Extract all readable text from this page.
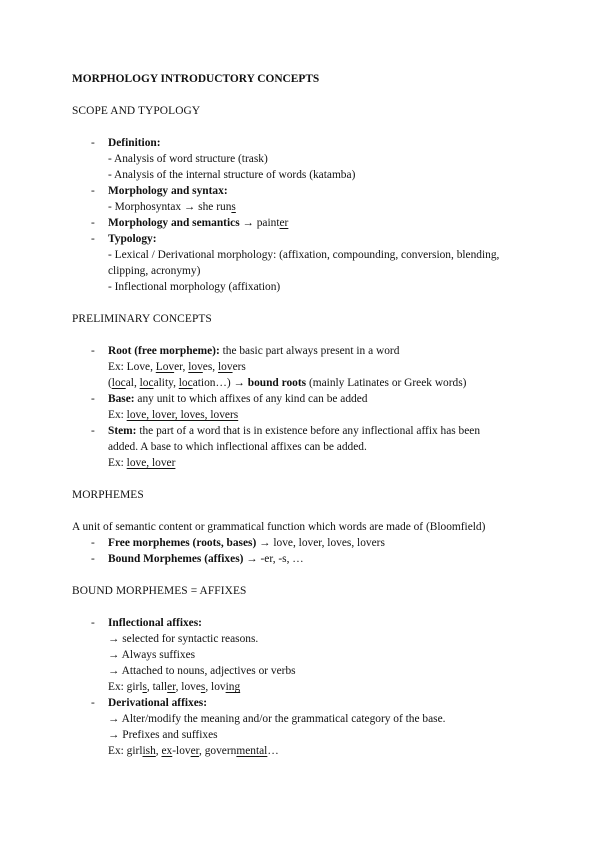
MORPHOLOGY INTRODUCTORY CONCEPTS
SCOPE AND TYPOLOGY
- Definition:
- Analysis of word structure (trask)
- Analysis of the internal structure of words (katamba)
- Morphology and syntax:
- Morphosyntax → she runs
- Morphology and semantics → painter
- Typology:
- Lexical / Derivational morphology: (affixation, compounding, conversion, blending,
clipping, acronymy)
- Inflectional morphology (affixation)
PRELIMINARY CONCEPTS
- Root (free morpheme): the basic part always present in a word
Ex: Love, Lover, loves, lovers
(local, locality, location…) → bound roots (mainly Latinates or Greek words)
- Base: any unit to which affixes of any kind can be added
Ex: love, lover, loves, lovers
- Stem: the part of a word that is in existence before any inflectional affix has been
added. A base to which inflectional affixes can be added.
Ex: love, lover
MORPHEMES
A unit of semantic content or grammatical function which words are made of (Bloomfield)
- Free morphemes (roots, bases) → love, lover, loves, lovers
- Bound Morphemes (affixes) → -er, -s, …
BOUND MORPHEMES = AFFIXES
- Inflectional affixes:
→ selected for syntactic reasons.
→ Always suffixes
→ Attached to nouns, adjectives or verbs
Ex: girls, taller, loves, loving
- Derivational affixes:
→ Alter/modify the meaning and/or the grammatical category of the base.
→ Prefixes and suffixes
Ex: girlish, ex-lover, governmental…
